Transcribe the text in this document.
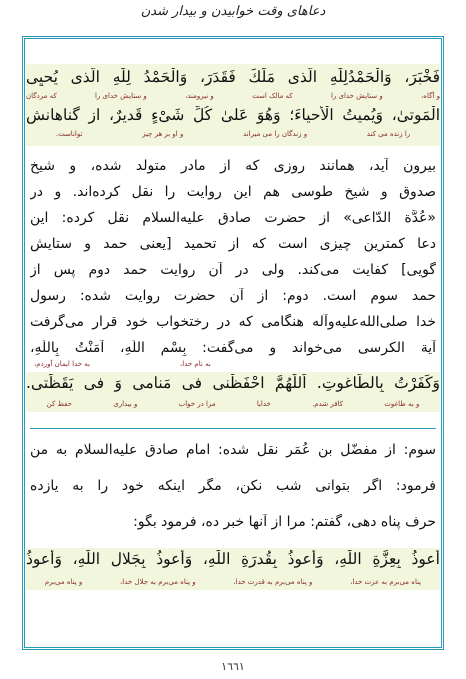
دعاهای وقت خوابیدن و بیدار شدن
فَخْبَرَ، وَالْحَمْدُلِلّٰهِ الَّذی مَلَكَ فَقَدَرَ، وَالْحَمْدُ لِلّٰهِ الَّذی یُحیِی
و آگاه،
و ستایش خدای را
که مالک است
و نیرومند،
و ستایش خدای را
که مردگان
الْمَوتىٰ، وَیُمیتُ الْأَحیاءَ؛ وَهُوَ عَلىٰ كُلِّ شَیْءٍ قَدیرٌ، از گناهانش
را زنده می کند
و زندگان را می میراند
و او بر هر چیز
تواناست.
بیرون آید، همانند روزی که از مادر متولد شده، و شیخ
صدوق و شیخ طوسی هم این روایت را نقل کرده‌اند. و در
«عُدَّة الدّاعی» از حضرت صادق علیه‌السلام نقل کرده: این
دعا کمترین چیزی است که از تحمید [یعنی حمد و ستایش
گویی] کفایت می‌کند. ولی در آن روایت حمد دوم پس از
حمد سوم است. دوم: از آن حضرت روایت شده: رسول
خدا صلی‌الله‌علیه‌وآله هنگامی که در رختخواب خود قرار می‌گرفت
آیة الکرسی می‌خواند و می‌گفت: بِسْمِ اللّٰهِ، آمَنْتُ بِاللّٰهِ،
به نام خدا،
به خدا ایمان آوردم،
وَكَفَرْتُ بِالطّاغوتِ. اَللّٰهُمَّ احْفَظْنی فی مَنامی وَ فی یَقَظَتی.
و به طاغوت
کافر شدم.
خدایا
مرا در خواب
و بیداری
حفظ کن
سوم: از مفضّل بن عُمَر نقل شده: امام صادق علیه‌السلام به من
فرمود: اگر بتوانی شب نکن، مگر اینکه خود را به یازده
حرف پناه دهی، گفتم: مرا از آنها خبر ده، فرمود بگو:
أَعوذُ بِعِزَّةِ اللّٰهِ، وَأَعوذُ بِقُدرَةِ اللّٰهِ، وَأَعوذُ بِجَلالِ اللّٰهِ، وَأَعوذُ
پناه می‌برم به عزت خدا،
و پناه می‌برم به قدرت خدا،
و پناه می‌برم به جلال خدا،
و پناه می‌برم
١٦٦١
